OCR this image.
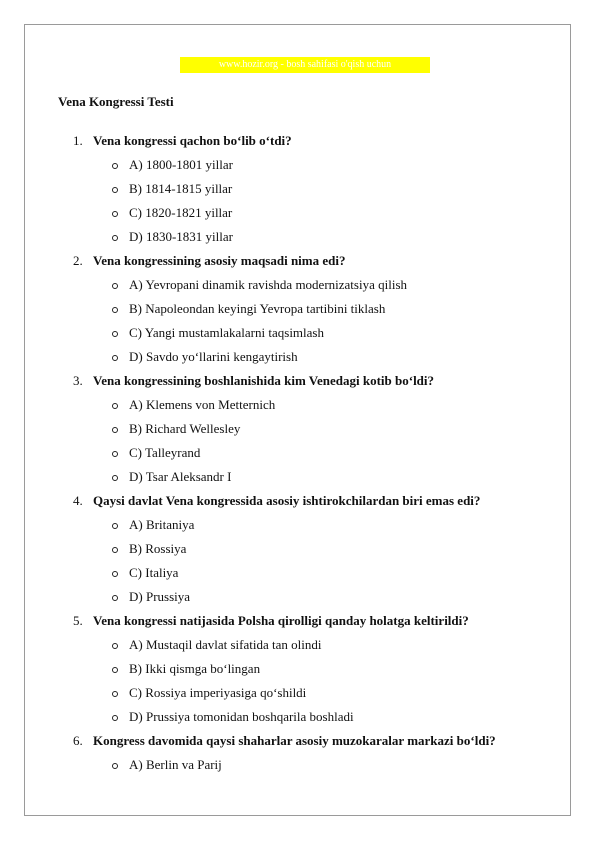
www.hozir.org - bosh sahifasi o'qish uchun
Vena Kongressi Testi
1. Vena kongressi qachon bo‘lib o‘tdi?
A) 1800-1801 yillar
B) 1814-1815 yillar
C) 1820-1821 yillar
D) 1830-1831 yillar
2. Vena kongressining asosiy maqsadi nima edi?
A) Yevropani dinamik ravishda modernizatsiya qilish
B) Napoleondan keyingi Yevropa tartibini tiklash
C) Yangi mustamlakalarni taqsimlash
D) Savdo yo‘llarini kengaytirish
3. Vena kongressining boshlanishida kim Venedagi kotib bo‘ldi?
A) Klemens von Metternich
B) Richard Wellesley
C) Talleyrand
D) Tsar Aleksandr I
4. Qaysi davlat Vena kongressida asosiy ishtirokchilardan biri emas edi?
A) Britaniya
B) Rossiya
C) Italiya
D) Prussiya
5. Vena kongressi natijasida Polsha qirolligi qanday holatga keltirildi?
A) Mustaqil davlat sifatida tan olindi
B) Ikki qismga bo‘lingan
C) Rossiya imperiyasiga qo‘shildi
D) Prussiya tomonidan boshqarila boshladi
6. Kongress davomida qaysi shaharlar asosiy muzokaralar markazi bo‘ldi?
A) Berlin va Parij
